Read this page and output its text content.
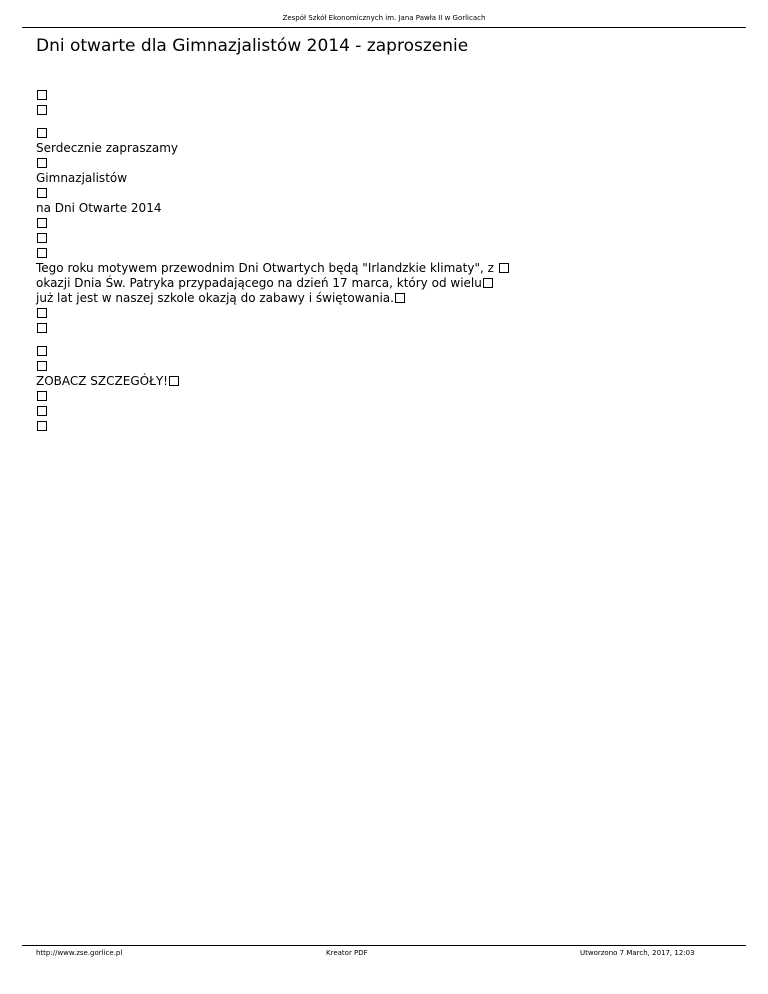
Zespół Szkół Ekonomicznych im. Jana Pawła II w Gorlicach
Dni otwarte dla Gimnazjalistów 2014 - zaproszenie
Serdecznie zapraszamy
Gimnazjalistów
na Dni Otwarte 2014
Tego roku motywem przewodnim Dni Otwartych będą "Irlandzkie klimaty", z
okazji Dnia Św. Patryka przypadającego na dzień 17 marca, który od wielu
już lat jest w naszej szkole okazją do zabawy i świętowania.
ZOBACZ SZCZEGÓŁY!
http://www.zse.gorlice.pl	Kreator PDF	Utworzono 7 March, 2017, 12:03
